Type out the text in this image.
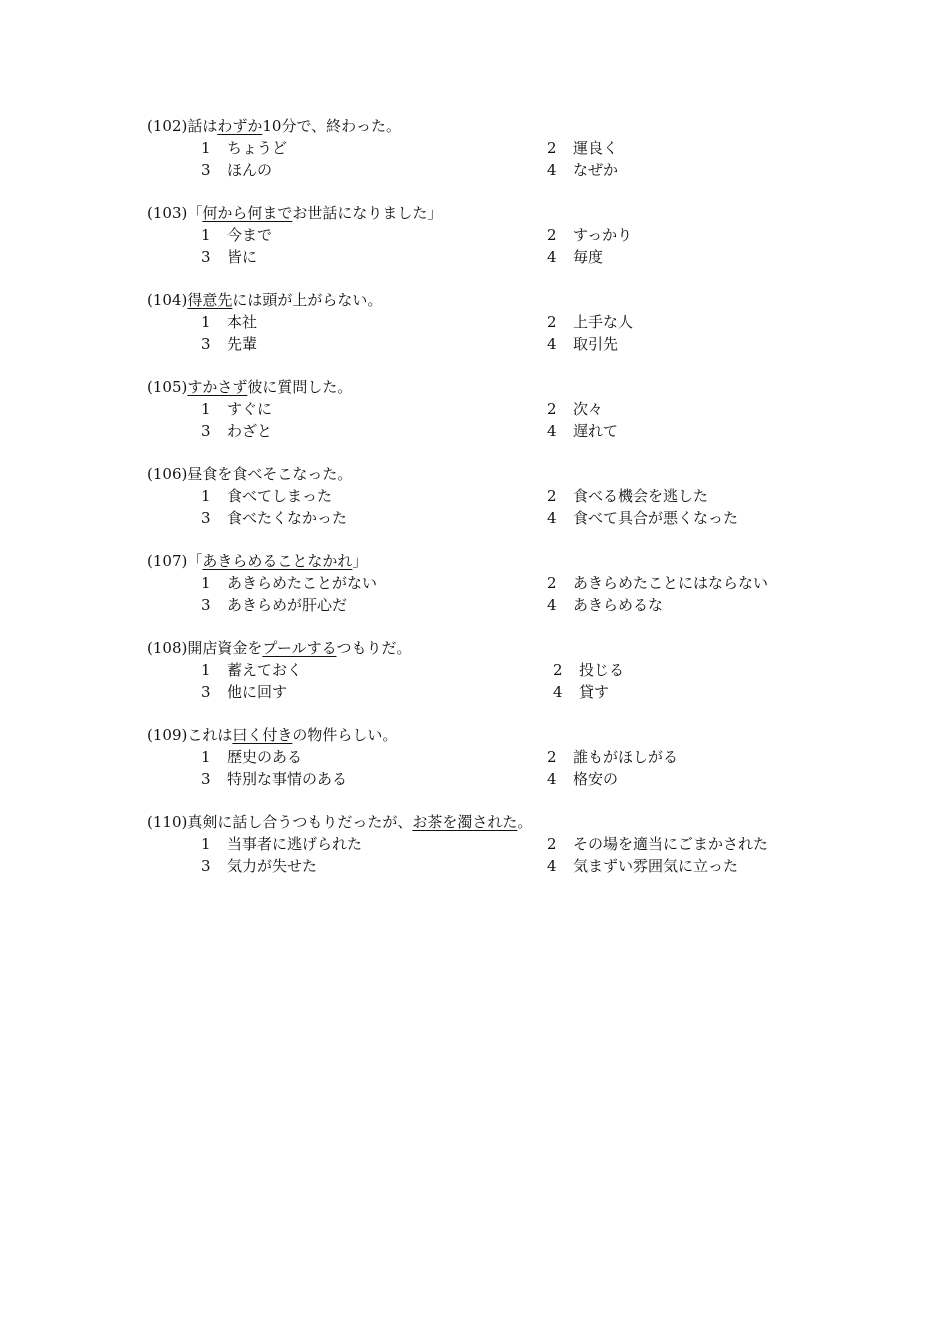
(102)話はわずか10分で、終わった。
1 ちょうど	2 運良く
3 ほんの	4 なぜか
(103)「何から何までお世話になりました」
1 今まで	2 すっかり
3 皆に	4 毎度
(104)得意先には頭が上がらない。
1 本社	2 上手な人
3 先輩	4 取引先
(105)すかさず彼に質問した。
1 すぐに	2 次々
3 わざと	4 遅れて
(106)昼食を食べそこなった。
1 食べてしまった	2 食べる機会を逃した
3 食べたくなかった	4 食べて具合が悪くなった
(107)「あきらめることなかれ」
1 あきらめたことがない	2 あきらめたことにはならない
3 あきらめが肝心だ	4 あきらめるな
(108)開店資金をプールするつもりだ。
1 蓄えておく	2 投じる
3 他に回す	4 貸す
(109)これは曰く付きの物件らしい。
1 歴史のある	2 誰もがほしがる
3 特別な事情のある	4 格安の
(110)真剣に話し合うつもりだったが、お茶を濁された。
1 当事者に逃げられた	2 その場を適当にごまかされた
3 気力が失せた	4 気まずい雰囲気に立った
